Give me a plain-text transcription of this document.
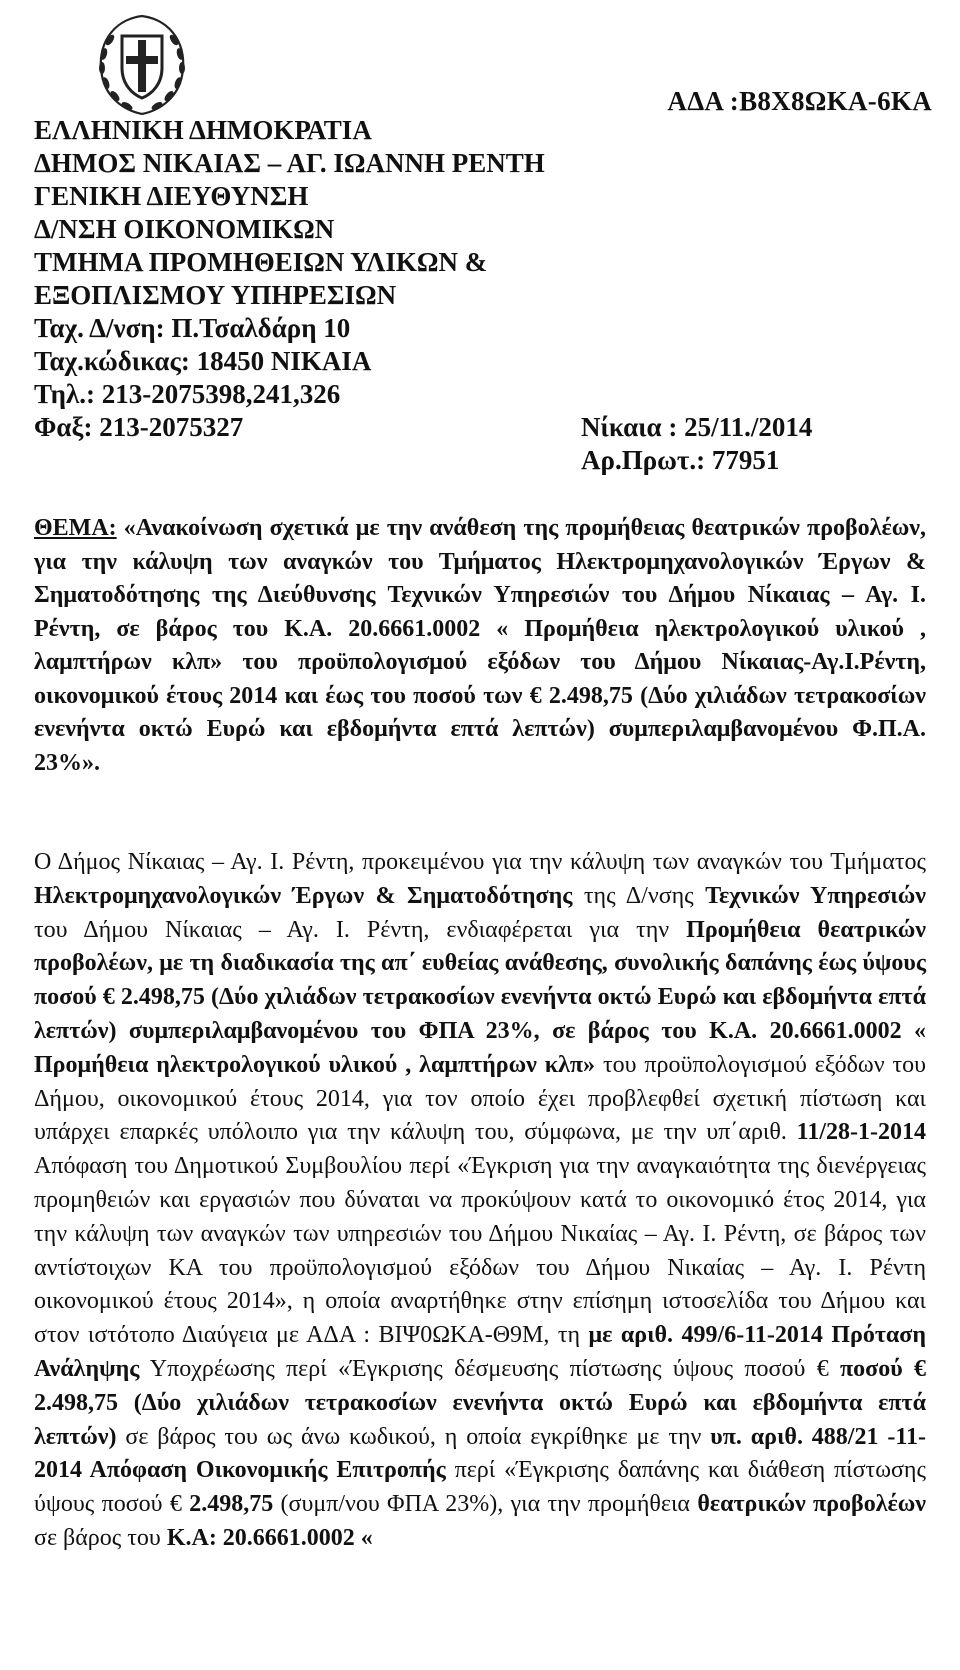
ΑΔΑ :Β8Χ8ΩΚΑ-6ΚΑ
ΕΛΛΗΝΙΚΗ ΔΗΜΟΚΡΑΤΙΑ
ΔΗΜΟΣ ΝΙΚΑΙΑΣ – ΑΓ. ΙΩΑΝΝΗ ΡΕΝΤΗ
ΓΕΝΙΚΗ ΔΙΕΥΘΥΝΣΗ
Δ/ΝΣΗ ΟΙΚΟΝΟΜΙΚΩΝ
ΤΜΗΜΑ ΠΡΟΜΗΘΕΙΩΝ ΥΛΙΚΩΝ &
ΕΞΟΠΛΙΣΜΟΥ ΥΠΗΡΕΣΙΩΝ
Ταχ. Δ/νση: Π.Τσαλδάρη 10
Ταχ.κώδικας: 18450 ΝΙΚΑΙΑ
Τηλ.: 213-2075398,241,326
Φαξ: 213-2075327	Νίκαια : 25/11./2014

Αρ.Πρωτ.: 77951
ΘΕΜΑ: «Ανακοίνωση σχετικά με την ανάθεση της προμήθειας θεατρικών προβολέων, για την κάλυψη των αναγκών του Τμήματος Ηλεκτρομηχανολογικών Έργων & Σηματοδότησης της Διεύθυνσης Τεχνικών Υπηρεσιών του Δήμου Νίκαιας – Αγ. Ι. Ρέντη, σε βάρος του Κ.Α. 20.6661.0002 « Προμήθεια ηλεκτρολογικού υλικού , λαμπτήρων κλπ» του προϋπολογισμού εξόδων του Δήμου Νίκαιας-Αγ.Ι.Ρέντη, οικονομικού έτους 2014 και έως του ποσού των € 2.498,75 (Δύο χιλιάδων τετρακοσίων ενενήντα οκτώ Ευρώ και εβδομήντα επτά λεπτών) συμπεριλαμβανομένου Φ.Π.Α. 23%».
Ο Δήμος Νίκαιας – Αγ. Ι. Ρέντη, προκειμένου για την κάλυψη των αναγκών του Τμήματος Ηλεκτρομηχανολογικών Έργων & Σηματοδότησης της Δ/νσης Τεχνικών Υπηρεσιών του Δήμου Νίκαιας – Αγ. Ι. Ρέντη, ενδιαφέρεται για την Προμήθεια θεατρικών προβολέων, με τη διαδικασία της απ΄ ευθείας ανάθεσης, συνολικής δαπάνης έως ύψους ποσού € 2.498,75 (Δύο χιλιάδων τετρακοσίων ενενήντα οκτώ Ευρώ και εβδομήντα επτά λεπτών) συμπεριλαμβανομένου του ΦΠΑ 23%, σε βάρος του Κ.Α. 20.6661.0002 « Προμήθεια ηλεκτρολογικού υλικού , λαμπτήρων κλπ» του προϋπολογισμού εξόδων του Δήμου, οικονομικού έτους 2014, για τον οποίο έχει προβλεφθεί σχετική πίστωση και υπάρχει επαρκές υπόλοιπο για την κάλυψη του, σύμφωνα, με την υπ΄αριθ. 11/28-1-2014 Απόφαση του Δημοτικού Συμβουλίου περί «Έγκριση για την αναγκαιότητα της διενέργειας προμηθειών και εργασιών που δύναται να προκύψουν κατά το οικονομικό έτος 2014, για την κάλυψη των αναγκών των υπηρεσιών του Δήμου Νικαίας – Αγ. Ι. Ρέντη, σε βάρος των αντίστοιχων ΚΑ του προϋπολογισμού εξόδων του Δήμου Νικαίας – Αγ. Ι. Ρέντη οικονομικού έτους 2014», η οποία αναρτήθηκε στην επίσημη ιστοσελίδα του Δήμου και στον ιστότοπο Διαύγεια με ΑΔΑ : ΒΙΨ0ΩΚΑ-Θ9Μ, τη με αριθ. 499/6-11-2014 Πρόταση Ανάληψης Υποχρέωσης περί «Έγκρισης δέσμευσης πίστωσης ύψους ποσού € ποσού € 2.498,75 (Δύο χιλιάδων τετρακοσίων ενενήντα οκτώ Ευρώ και εβδομήντα επτά λεπτών) σε βάρος του ως άνω κωδικού, η οποία εγκρίθηκε με την υπ. αριθ. 488/21 -11-2014 Απόφαση Οικονομικής Επιτροπής περί «Έγκρισης δαπάνης και διάθεση πίστωσης ύψους ποσού € 2.498,75 (συμπ/νου ΦΠΑ 23%), για την προμήθεια θεατρικών προβολέων σε βάρος του Κ.Α: 20.6661.0002 «
